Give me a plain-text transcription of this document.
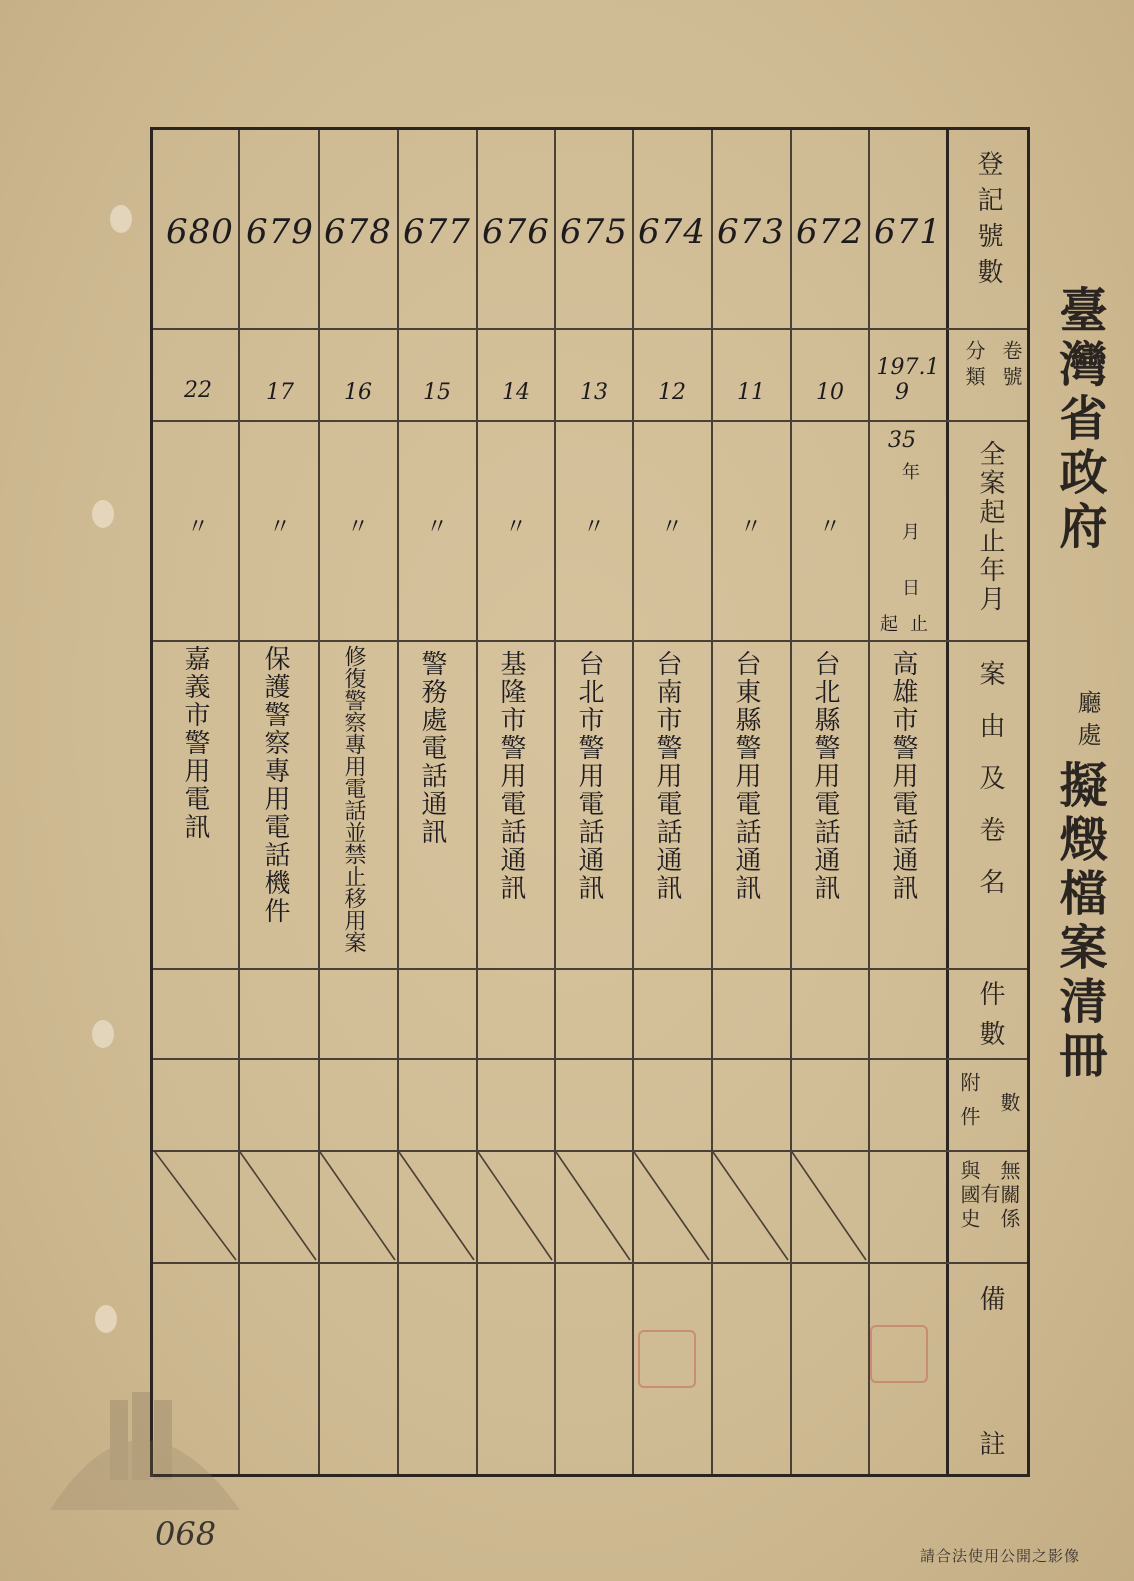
臺灣省政府
廳處
擬燬檔案清冊
登記號數
卷號
分類
全案起止年月
案由及卷名
件數
附件 數
無關係
有
與國史
備
註
35
年
月
日
起止
671
197.1
9
高雄市警用電話通訊
672
10
〃
台北縣警用電話通訊
673
11
〃
台東縣警用電話通訊
674
12
〃
台南市警用電話通訊
675
13
〃
台北市警用電話通訊
676
14
〃
基隆市警用電話通訊
677
15
〃
警務處電話通訊
678
16
〃
修復警察專用電話並禁止移用案
679
17
〃
保護警察專用電話機件
680
22
〃
嘉義市警用電訊
068
請合法使用公開之影像
